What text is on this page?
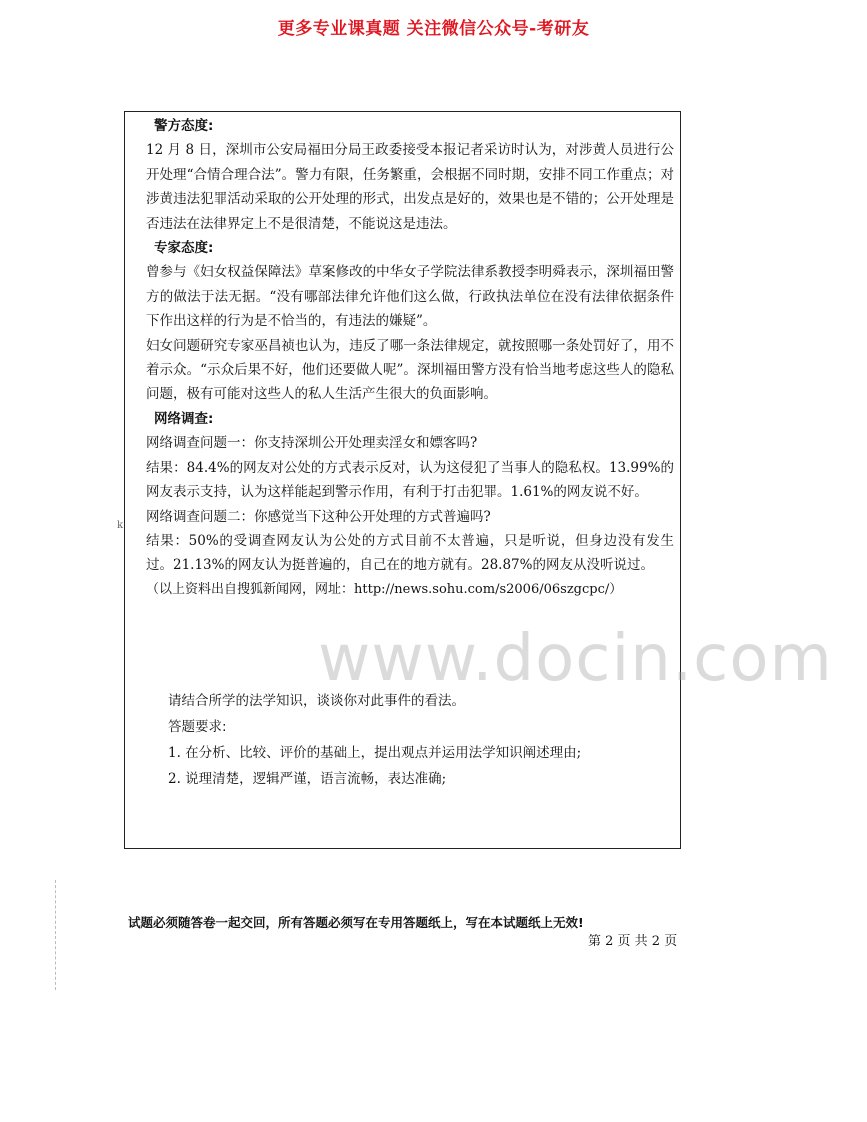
更多专业课真题 关注微信公众号-考研友

警方态度:

12 月 8 日，深圳市公安局福田分局王政委接受本报记者采访时认为，对涉黄人员进行公开处理“合情合理合法”。警力有限，任务繁重，会根据不同时期，安排不同工作重点；对涉黄违法犯罪活动采取的公开处理的形式，出发点是好的，效果也是不错的；公开处理是否违法在法律界定上不是很清楚，不能说这是违法。

专家态度:

曾参与《妇女权益保障法》草案修改的中华女子学院法律系教授李明舜表示，深圳福田警方的做法于法无据。“没有哪部法律允许他们这么做，行政执法单位在没有法律依据条件下作出这样的行为是不恰当的，有违法的嫌疑”。

妇女问题研究专家巫昌祯也认为，违反了哪一条法律规定，就按照哪一条处罚好了，用不着示众。“示众后果不好，他们还要做人呢”。深圳福田警方没有恰当地考虑这些人的隐私问题，极有可能对这些人的私人生活产生很大的负面影响。

网络调查:

网络调查问题一：你支持深圳公开处理卖淫女和嫖客吗?

结果：84.4%的网友对公处的方式表示反对，认为这侵犯了当事人的隐私权。13.99%的网友表示支持，认为这样能起到警示作用，有利于打击犯罪。1.61%的网友说不好。

网络调查问题二：你感觉当下这种公开处理的方式普遍吗?

结果：50%的受调查网友认为公处的方式目前不太普遍，只是听说，但身边没有发生过。21.13%的网友认为挺普遍的，自己在的地方就有。28.87%的网友从没听说过。

（以上资料出自搜狐新闻网，网址：http://news.sohu.com/s2006/06szgcpc/）

www.docin.com

请结合所学的法学知识，谈谈你对此事件的看法。

答题要求:

1. 在分析、比较、评价的基础上，提出观点并运用法学知识阐述理由;

2. 说理清楚，逻辑严谨，语言流畅，表达准确;

k
试题必须随答卷一起交回，所有答题必须写在专用答题纸上，写在本试题纸上无效!
第 2 页 共 2 页
